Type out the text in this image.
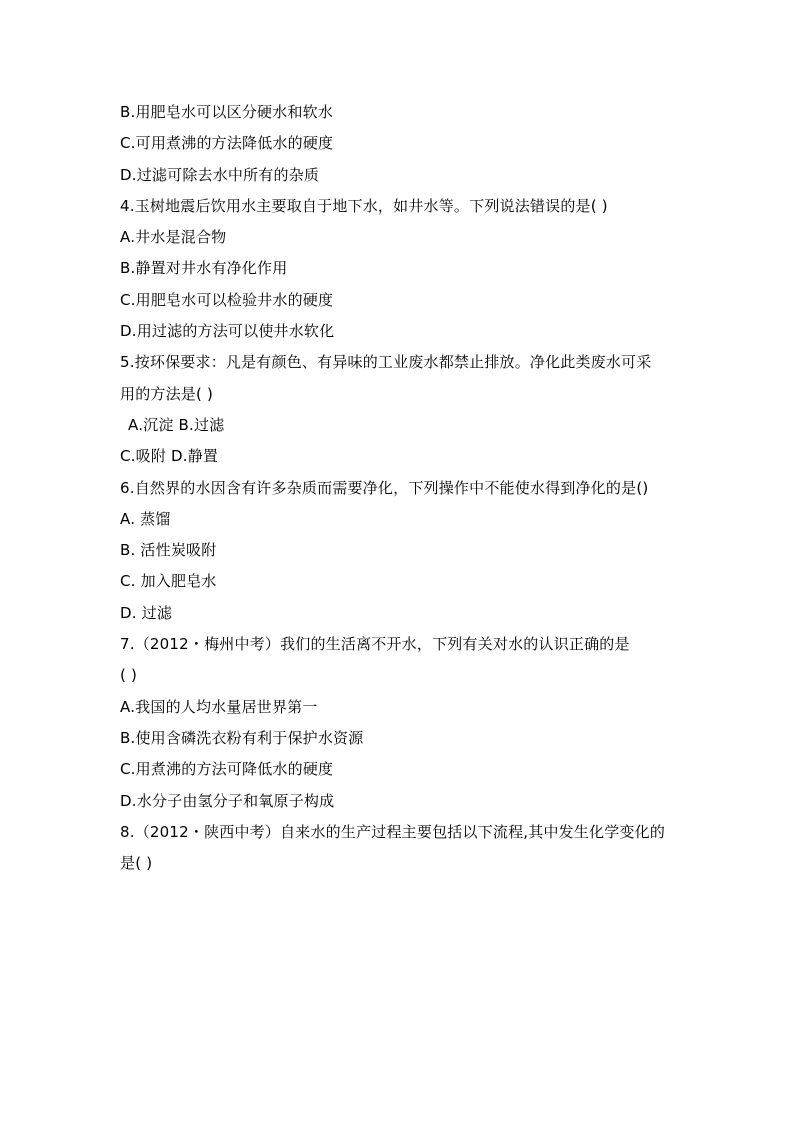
B.用肥皂水可以区分硬水和软水
C.可用煮沸的方法降低水的硬度
D.过滤可除去水中所有的杂质
4.玉树地震后饮用水主要取自于地下水，如井水等。下列说法错误的是( )
A.井水是混合物
B.静置对井水有净化作用
C.用肥皂水可以检验井水的硬度
D.用过滤的方法可以使井水软化
5.按环保要求：凡是有颜色、有异味的工业废水都禁止排放。净化此类废水可采
用的方法是( )
A.沉淀 B.过滤
C.吸附 D.静置
6.自然界的水因含有许多杂质而需要净化，下列操作中不能使水得到净化的是()
A. 蒸馏
B. 活性炭吸附
C. 加入肥皂水
D. 过滤
7.（2012・梅州中考）我们的生活离不开水，下列有关对水的认识正确的是
( )
A.我国的人均水量居世界第一
B.使用含磷洗衣粉有利于保护水资源
C.用煮沸的方法可降低水的硬度
D.水分子由氢分子和氧原子构成
8.（2012・陕西中考）自来水的生产过程主要包括以下流程,其中发生化学变化的
是( )
